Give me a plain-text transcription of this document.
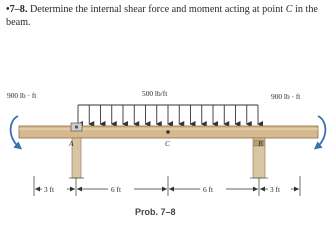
•7–8. Determine the internal shear force and moment acting at point C in the beam.

900 lb · ft	500 lb/ft	900 lb · ft
A	C	B
3 ft	6 ft	6 ft	3 ft
Prob. 7–8
